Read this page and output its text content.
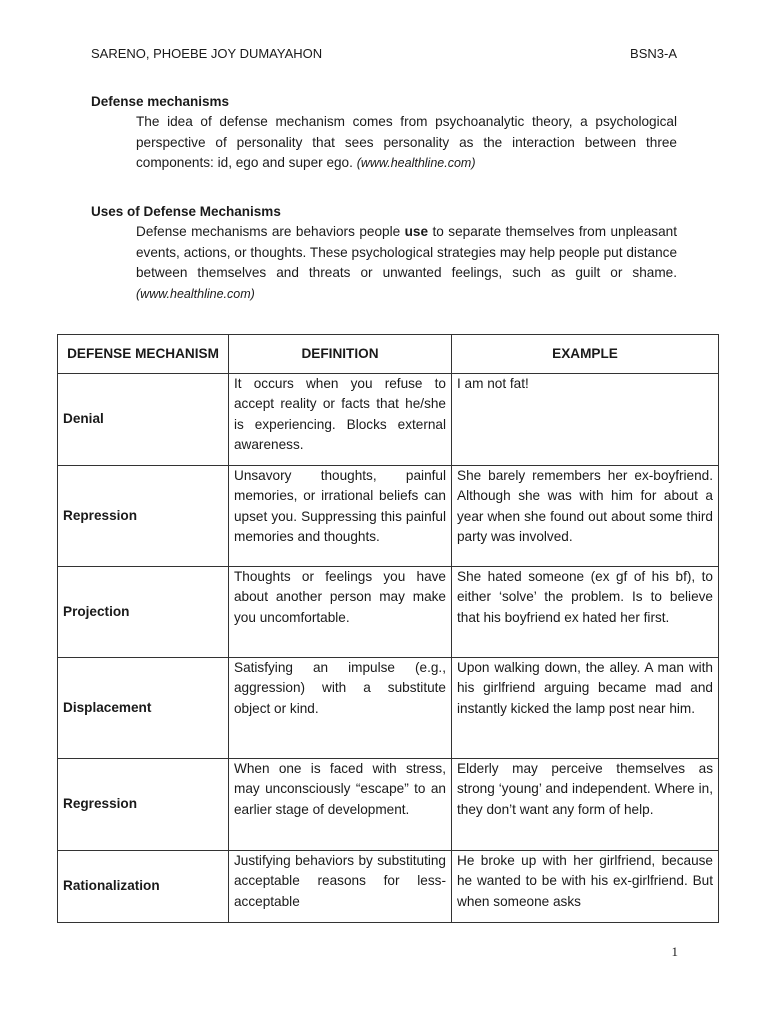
SARENO, PHOEBE JOY DUMAYAHON	BSN3-A
Defense mechanisms

The idea of defense mechanism comes from psychoanalytic theory, a psychological perspective of personality that sees personality as the interaction between three components: id, ego and super ego. (www.healthline.com)

Uses of Defense Mechanisms

Defense mechanisms are behaviors people use to separate themselves from unpleasant events, actions, or thoughts. These psychological strategies may help people put distance between themselves and threats or unwanted feelings, such as guilt or shame. (www.healthline.com)

DEFENSE MECHANISM	DEFINITION	EXAMPLE
Denial	It occurs when you refuse to accept reality or facts that he/she is experiencing. Blocks external awareness.	I am not fat!
Repression	Unsavory thoughts, painful memories, or irrational beliefs can upset you. Suppressing this painful memories and thoughts.	She barely remembers her ex-boyfriend. Although she was with him for about a year when she found out about some third party was involved.
Projection	Thoughts or feelings you have about another person may make you uncomfortable.	She hated someone (ex gf of his bf), to either ‘solve’ the problem. Is to believe that his boyfriend ex hated her first.
Displacement	Satisfying an impulse (e.g., aggression) with a substitute object or kind.	Upon walking down, the alley. A man with his girlfriend arguing became mad and instantly kicked the lamp post near him.
Regression	When one is faced with stress, may unconsciously “escape” to an earlier stage of development.	Elderly may perceive themselves as strong ‘young’ and independent. Where in, they don’t want any form of help.
Rationalization	Justifying behaviors by substituting acceptable reasons for less-acceptable	He broke up with her girlfriend, because he wanted to be with his ex-girlfriend. But when someone asks
1
